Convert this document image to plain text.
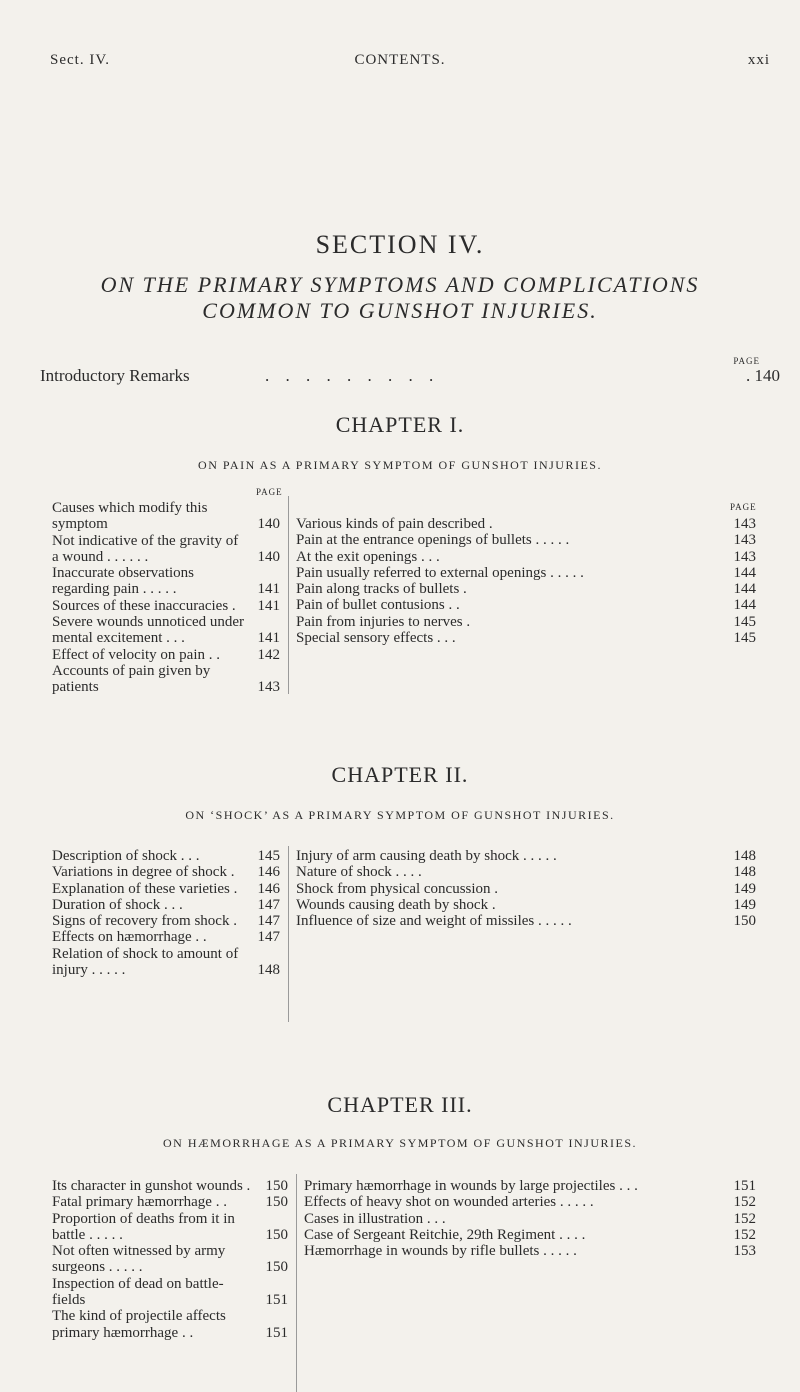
Sect. IV.	CONTENTS.	xxi
SECTION IV.
ON THE PRIMARY SYMPTOMS AND COMPLICATIONS
COMMON TO GUNSHOT INJURIES.
PAGE
Introductory Remarks	. . . . . . . . .	. 140
CHAPTER I.
ON PAIN AS A PRIMARY SYMPTOM OF GUNSHOT INJURIES.
PAGE
PAGE
Causes which modify this symptom	140
Not indicative of the gravity of a wound . . . . . .	140
Inaccurate observations regarding pain . . . . .	141
Sources of these inaccuracies .	141
Severe wounds unnoticed under mental excitement . . .	141
Effect of velocity on pain . .	142
Accounts of pain given by patients	143
Various kinds of pain described .	143
Pain at the entrance openings of bullets . . . . .	143
At the exit openings . . .	143
Pain usually referred to external openings . . . . .	144
Pain along tracks of bullets .	144
Pain of bullet contusions . .	144
Pain from injuries to nerves .	145
Special sensory effects . . .	145
CHAPTER II.
ON ‘SHOCK’ AS A PRIMARY SYMPTOM OF GUNSHOT INJURIES.
Description of shock . . .	145
Variations in degree of shock .	146
Explanation of these varieties .	146
Duration of shock . . .	147
Signs of recovery from shock .	147
Effects on hæmorrhage . .	147
Relation of shock to amount of injury . . . . .	148
Injury of arm causing death by shock . . . . .	148
Nature of shock . . . .	148
Shock from physical concussion .	149
Wounds causing death by shock .	149
Influence of size and weight of missiles . . . . .	150
CHAPTER III.
ON HÆMORRHAGE AS A PRIMARY SYMPTOM OF GUNSHOT INJURIES.
Its character in gunshot wounds .	150
Fatal primary hæmorrhage . .	150
Proportion of deaths from it in battle . . . . .	150
Not often witnessed by army surgeons . . . . .	150
Inspection of dead on battle-fields	151
The kind of projectile affects primary hæmorrhage . .	151
Primary hæmorrhage in wounds by large projectiles . . .	151
Effects of heavy shot on wounded arteries . . . . .	152
Cases in illustration . . .	152
Case of Sergeant Reitchie, 29th Regiment . . . .	152
Hæmorrhage in wounds by rifle bullets . . . . .	153
